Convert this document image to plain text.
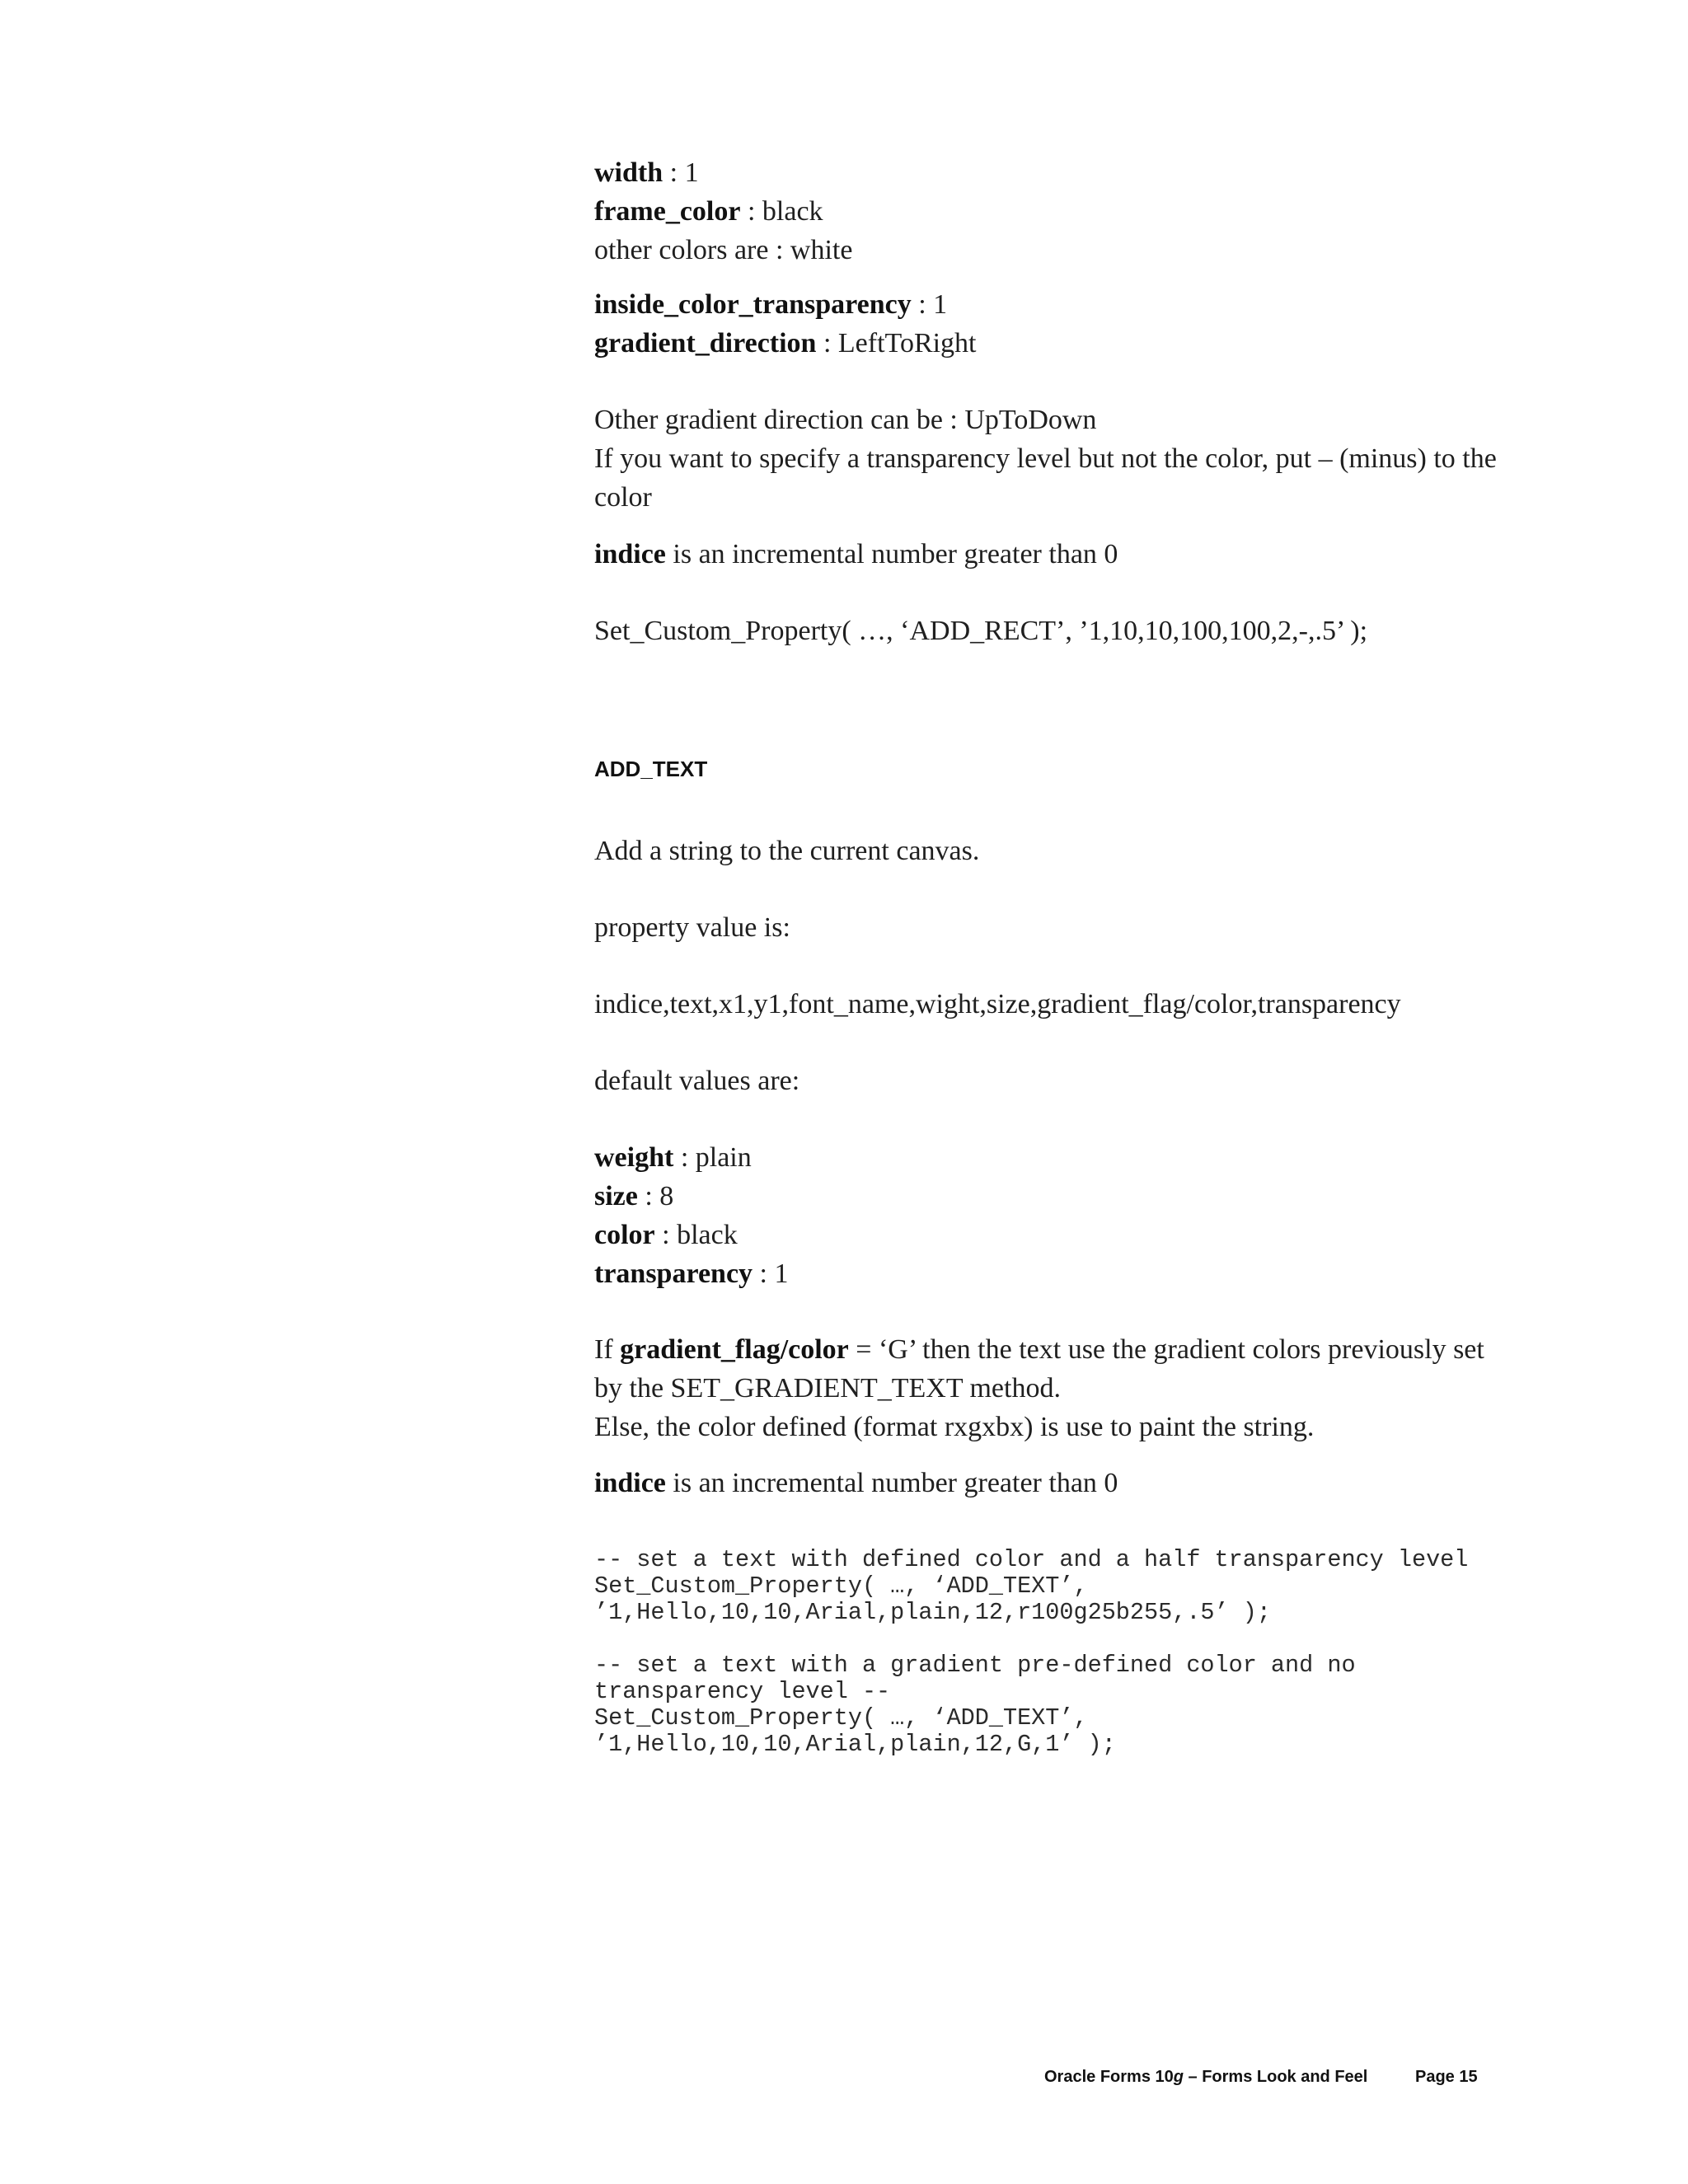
width : 1
frame_color : black
other colors are : white
inside_color_transparency : 1
gradient_direction : LeftToRight
Other gradient direction can be : UpToDown
If you want to specify a transparency level but not the color, put – (minus) to the color
indice is an incremental number greater than 0
Set_Custom_Property( …, ‘ADD_RECT’, ’1,10,10,100,100,2,-,.5’ );
ADD_TEXT
Add a string to the current canvas.
property value is:
indice,text,x1,y1,font_name,wight,size,gradient_flag/color,transparency
default values are:
weight : plain
size : 8
color : black
transparency : 1
If gradient_flag/color = ‘G’ then the text use the gradient colors previously set
by the SET_GRADIENT_TEXT method.
Else, the color defined (format rxgxbx) is use to paint the string.
indice is an incremental number greater than 0
-- set a text with defined color and a half transparency level
Set_Custom_Property( …, ‘ADD_TEXT’,
’1,Hello,10,10,Arial,plain,12,r100g25b255,.5’ );
-- set a text with a gradient pre-defined color and no
transparency level --
Set_Custom_Property( …, ‘ADD_TEXT’,
’1,Hello,10,10,Arial,plain,12,G,1’ );
Oracle Forms 10g – Forms Look and Feel	Page 15
